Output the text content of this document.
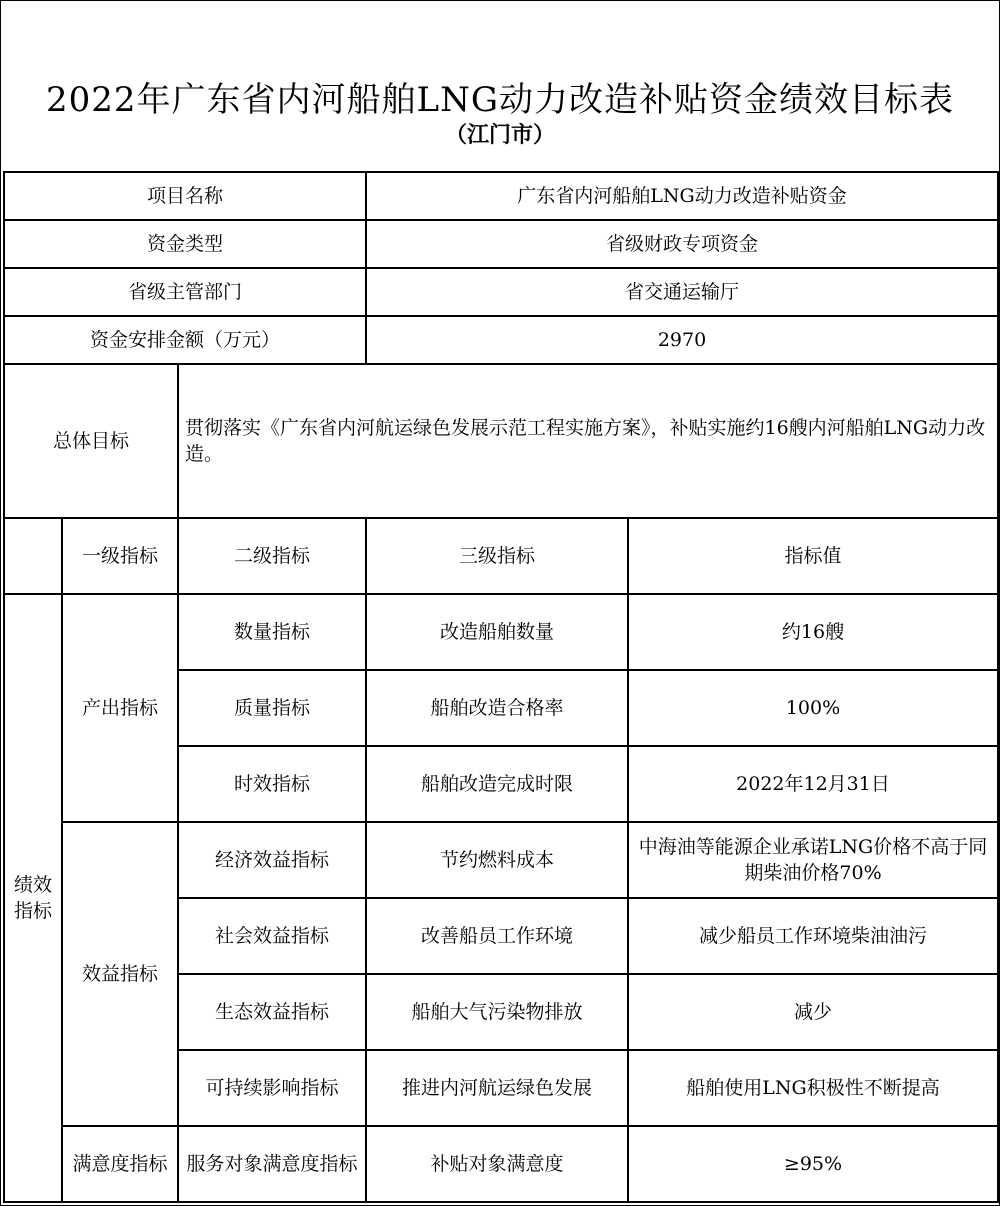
2022年广东省内河船舶LNG动力改造补贴资金绩效目标表
（江门市）
项目名称			广东省内河船舶LNG动力改造补贴资金	
资金类型			省级财政专项资金	
省级主管部门			省交通运输厅	
资金安排金额（万元）			2970	
总体目标		贯彻落实《广东省内河航运绿色发展示范工程实施方案》，补贴实施约16艘内河船舶LNG动力改造。		
	一级指标	二级指标	三级指标	指标值
绩效指标	产出指标	数量指标	改造船舶数量	约16艘
		质量指标	船舶改造合格率	100%
		时效指标	船舶改造完成时限	2022年12月31日
	效益指标	经济效益指标	节约燃料成本	中海油等能源企业承诺LNG价格不高于同期柴油价格70%
		社会效益指标	改善船员工作环境	减少船员工作环境柴油油污
		生态效益指标	船舶大气污染物排放	减少
		可持续影响指标	推进内河航运绿色发展	船舶使用LNG积极性不断提高
	满意度指标	服务对象满意度指标	补贴对象满意度	≥95%
